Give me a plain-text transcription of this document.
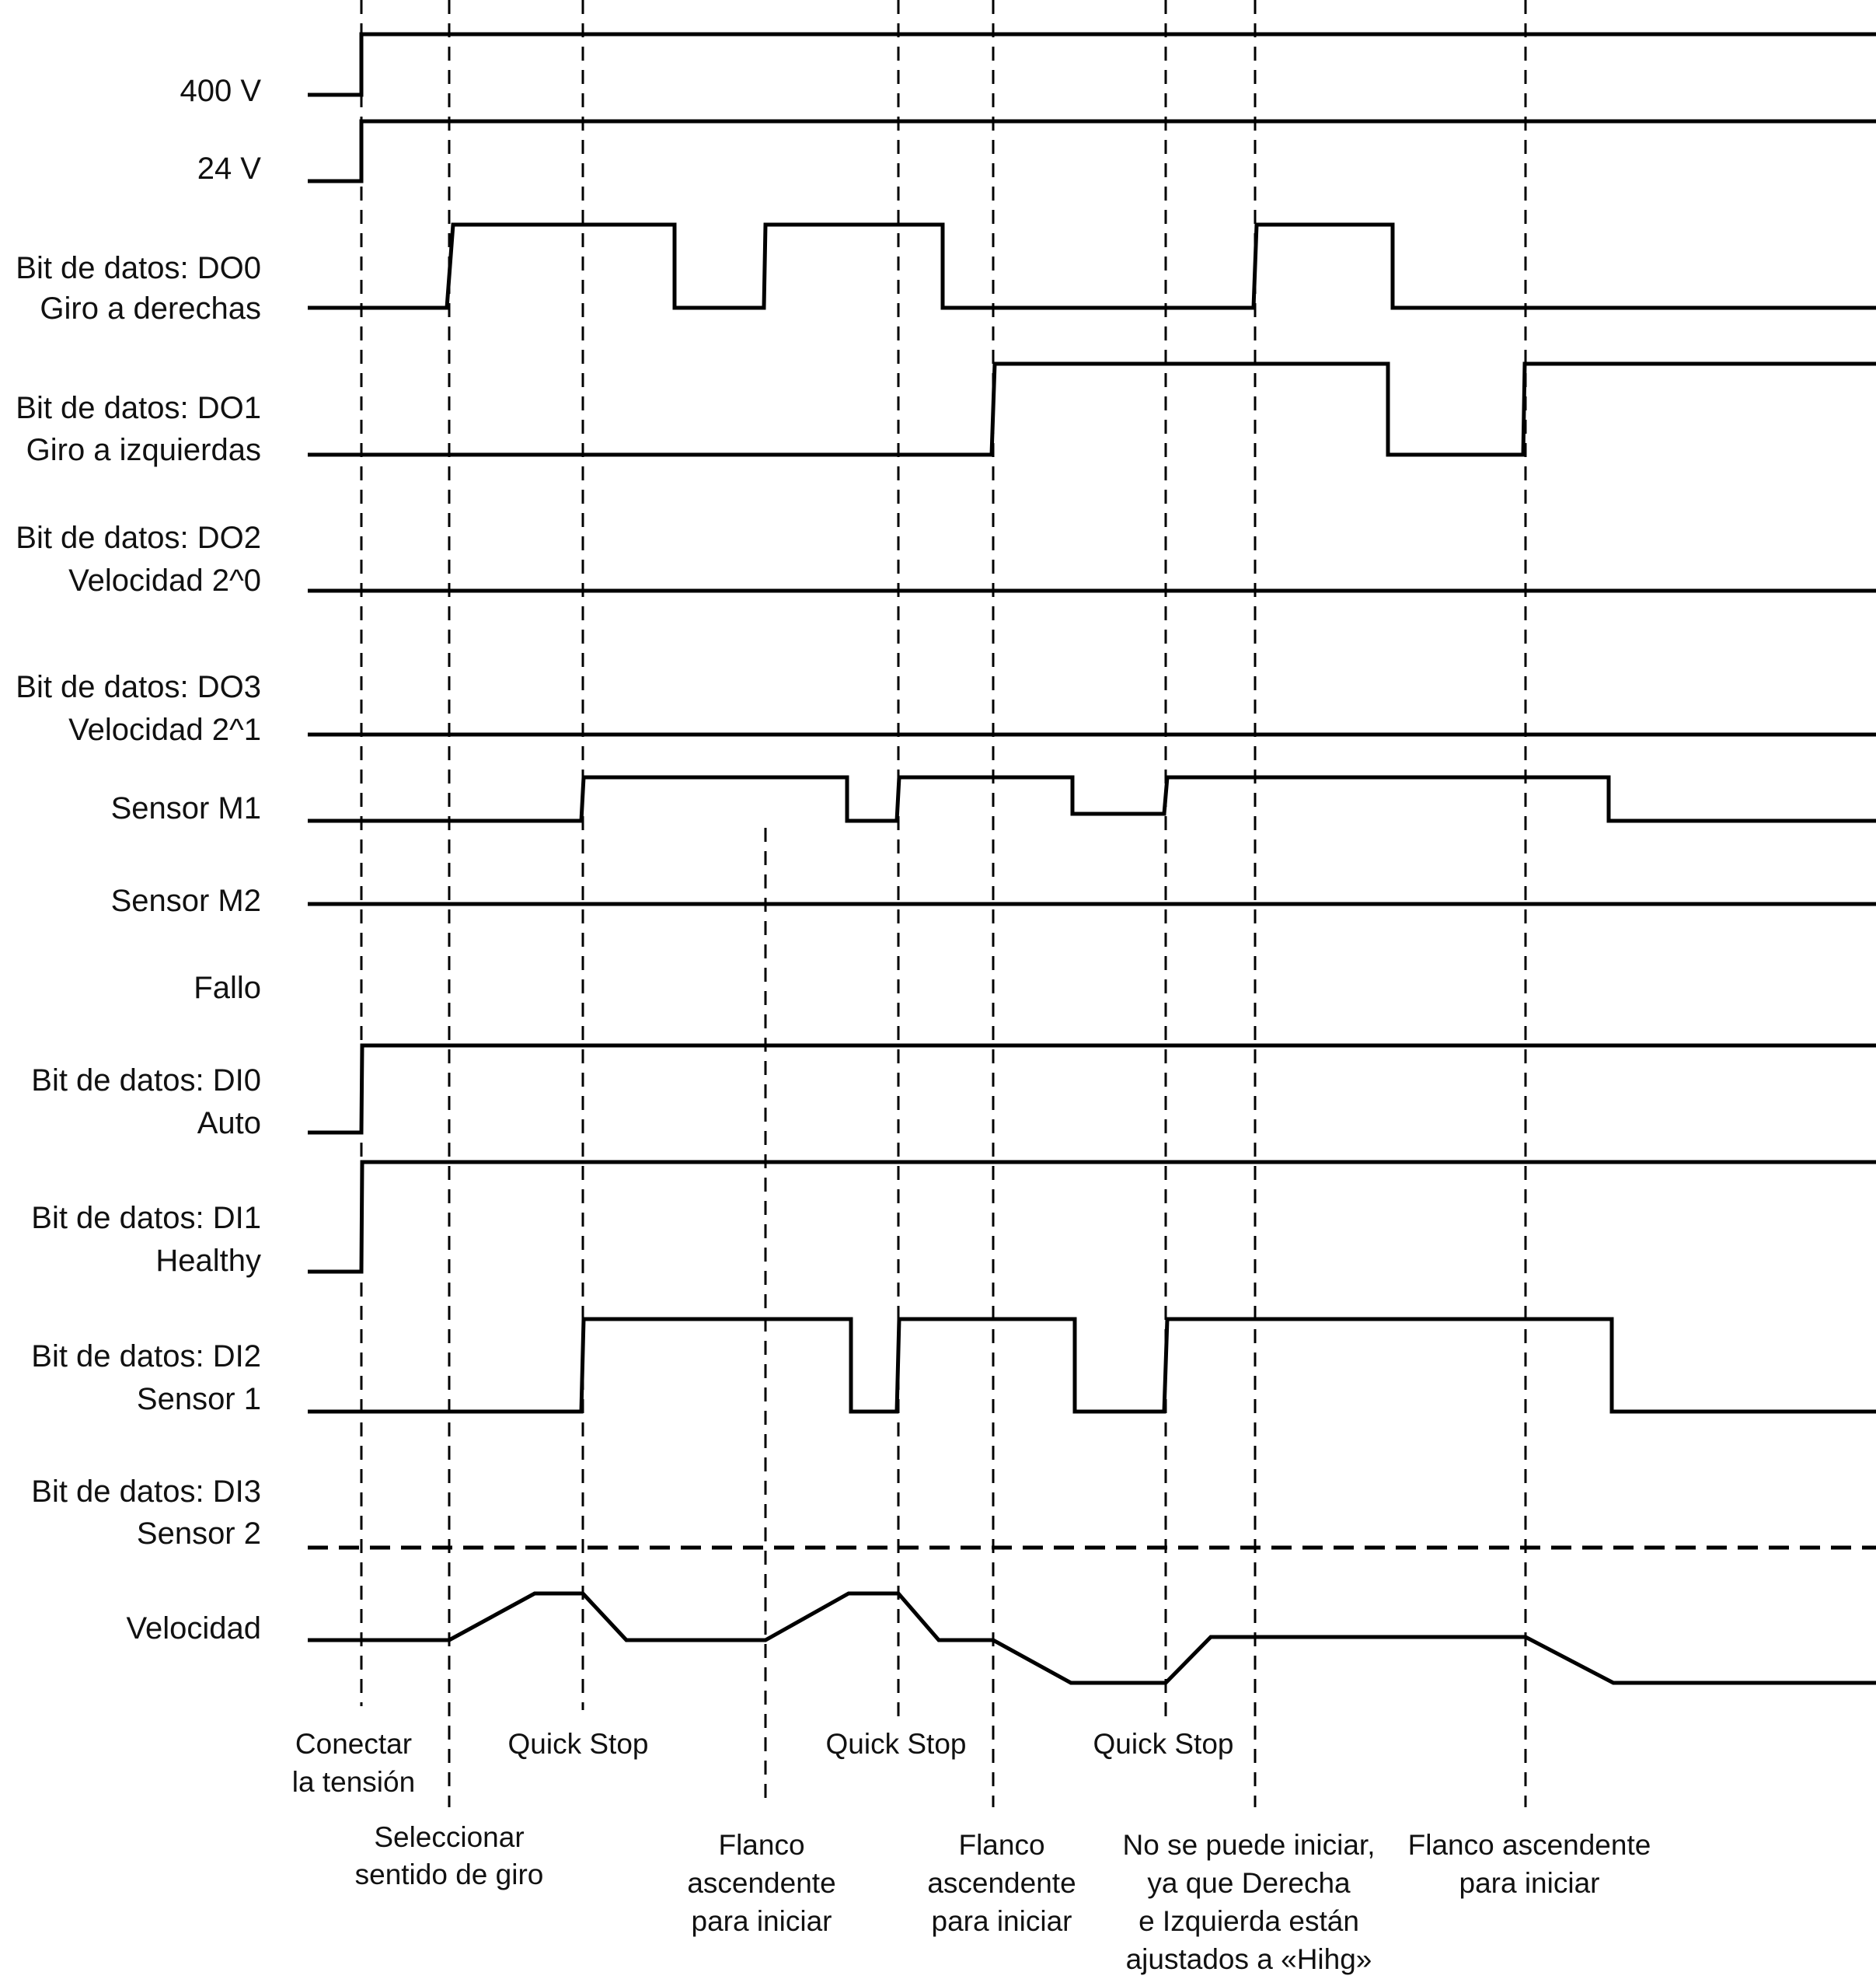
400 V
24 V
Bit de datos: DO0
Giro a derechas
Bit de datos: DO1
Giro a izquierdas
Bit de datos: DO2
Velocidad 2^0
Bit de datos: DO3
Velocidad 2^1
Sensor M1
Sensor M2
Fallo
Bit de datos: DI0
Auto
Bit de datos: DI1
Healthy
Bit de datos: DI2
Sensor 1
Bit de datos: DI3
Sensor 2
Velocidad
Conectar
la tensión
Seleccionar
sentido de giro
Quick Stop
Flanco
ascendente
para iniciar
Quick Stop
Flanco
ascendente
para iniciar
Quick Stop
No se puede iniciar,
ya que Derecha
e Izquierda están
ajustados a «Hihg»
Flanco ascendente
para iniciar
